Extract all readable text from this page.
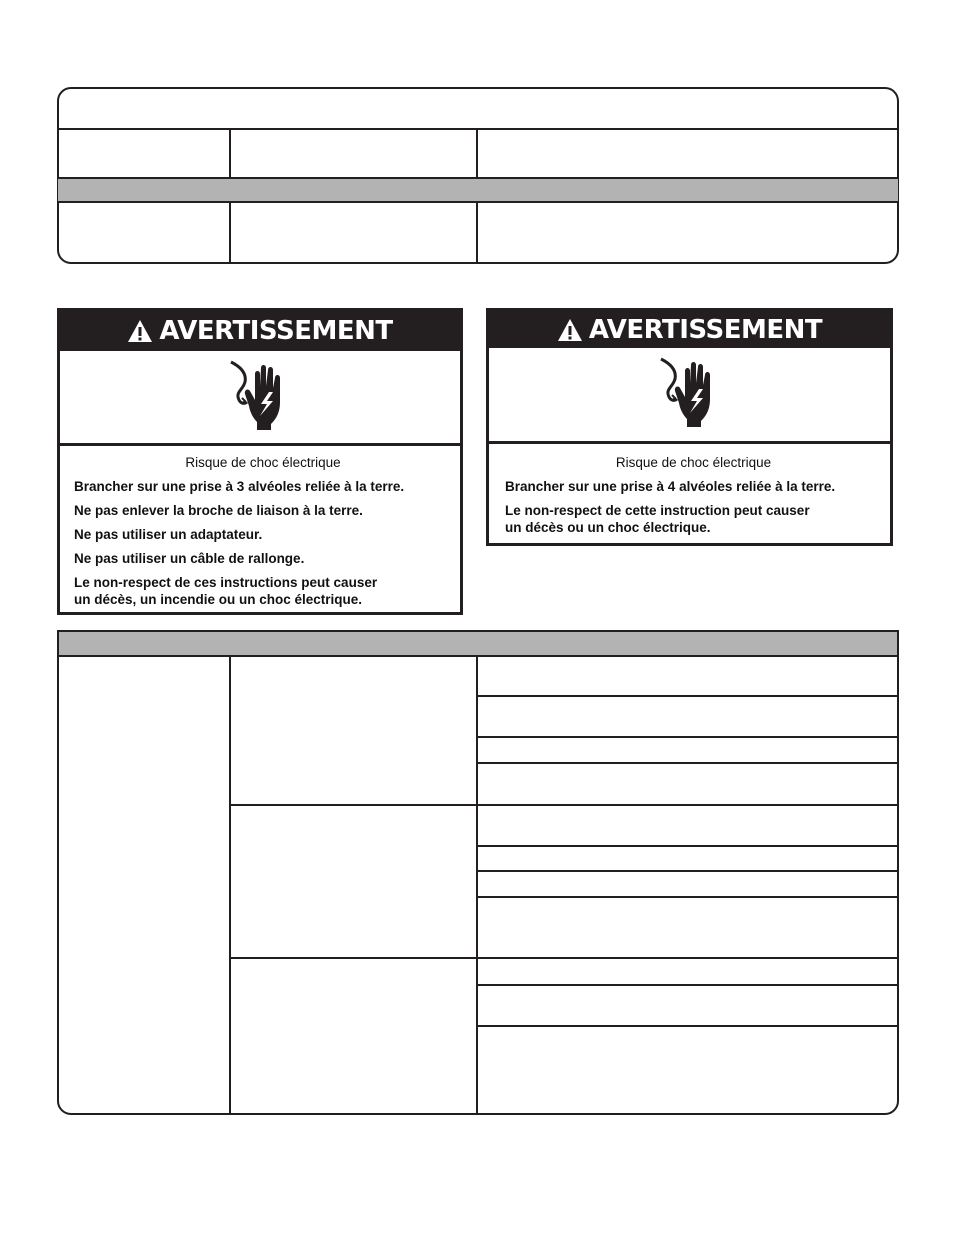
AVERTISSEMENT
Risque de choc électrique
Brancher sur une prise à 3 alvéoles reliée à la terre.
Ne pas enlever la broche de liaison à la terre.
Ne pas utiliser un adaptateur.
Ne pas utiliser un câble de rallonge.
Le non-respect de ces instructions peut causer
un décès, un incendie ou un choc électrique.
AVERTISSEMENT
Risque de choc électrique
Brancher sur une prise à 4 alvéoles reliée à la terre.
Le non-respect de cette instruction peut causer
un décès ou un choc électrique.
